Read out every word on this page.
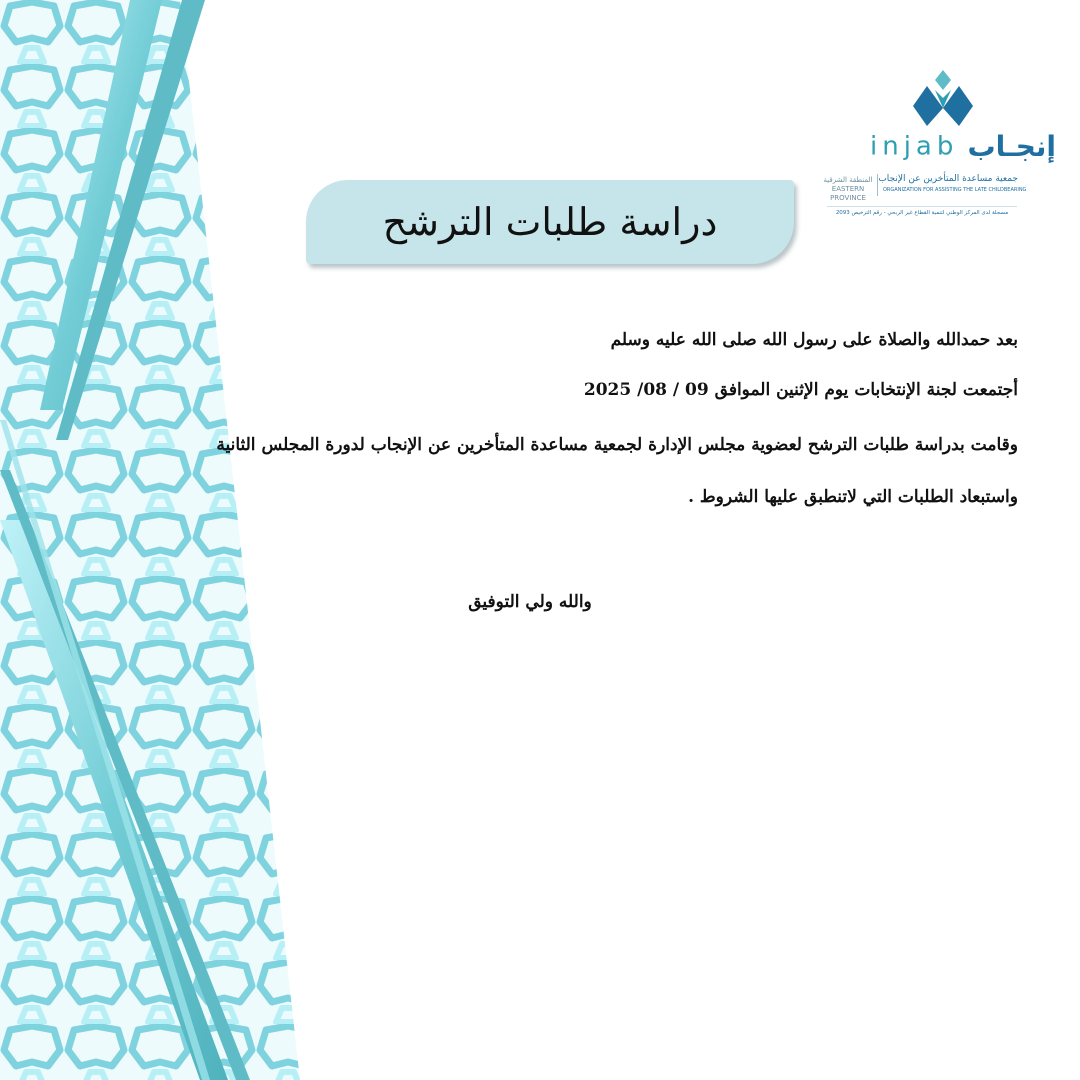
injab إنجـاب
المنطقة الشرقية
EASTERN PROVINCE
جمعية مساعدة المتأخرين عن الإنجاب
ORGANIZATION FOR ASSISTING THE LATE CHILDBEARING
مسجلة لدى المركز الوطني لتنمية القطاع غير الربحي - رقم الترخيص 2093
دراسة طلبات الترشح
بعد حمدالله والصلاة على رسول الله صلى الله عليه وسلم
أجتمعت لجنة الإنتخابات يوم الإثنين الموافق 09 / 08/ 2025
وقامت بدراسة طلبات الترشح لعضوية مجلس الإدارة لجمعية مساعدة المتأخرين عن الإنجاب لدورة المجلس الثانية
واستبعاد الطلبات التي لاتنطبق عليها الشروط .
والله ولي التوفيق
